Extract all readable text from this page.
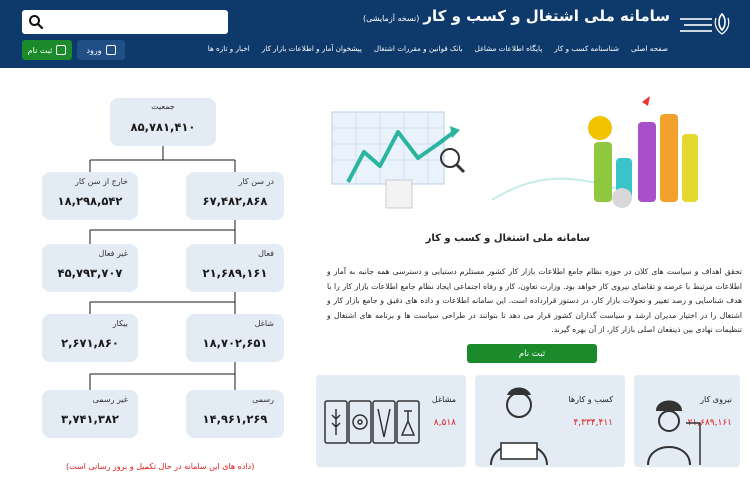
سامانه ملی اشتغال و کسب و کار(نسخه آزمایشی)
صفحه اصلی
شناسنامه کسب و کار
پایگاه اطلاعات مشاغل
بانک قوانین و مقررات اشتغال
پیشخوان آمار و اطلاعات بازار کار
اخبار و تازه ها
ثبت نام	ورود
جمعیت
۸۵,۷۸۱,۴۱۰
در سن کار
۶۷,۴۸۲,۸۶۸
خارج از سن کار
۱۸,۲۹۸,۵۴۲
فعال
۲۱,۶۸۹,۱۶۱
غیر فعال
۴۵,۷۹۳,۷۰۷
شاغل
۱۸,۷۰۲,۶۵۱
بیکار
۲,۶۷۱,۸۶۰
رسمی
۱۴,۹۶۱,۲۶۹
غیر رسمی
۳,۷۴۱,۳۸۲
(داده های این سامانه در حال تکمیل و بروز رسانی است)
سامانه ملی اشتغال و کسب و کار
تحقق اهداف و سیاست های کلان در حوزه نظام جامع اطلاعات بازار کار کشور مستلزم دستیابی و دسترسی همه جانبه به آمار و اطلاعات مرتبط با عرضه و تقاضای نیروی کار خواهد بود. وزارت تعاون، کار و رفاه اجتماعی ایجاد نظام جامع اطلاعات بازار کار را با هدف شناسایی و رصد تغییر و تحولات بازار کار، در دستور قرارداده است. این سامانه اطلاعات و داده های دقیق و جامع بازار کار و اشتغال را در اختیار مدیران ارشد و سیاست گذاران کشور قرار می دهد تا بتوانند در طراحی سیاست ها و برنامه های اشتغال و تنظیمات نهادی بین ذینفعان اصلی بازار کار، از آن بهره گیرند.
ثبت نام
نیروی کار
۲۱,۶۸۹,۱۶۱
کسب و کارها
۴,۳۳۴,۴۱۱
مشاغل
۸,۵۱۸
